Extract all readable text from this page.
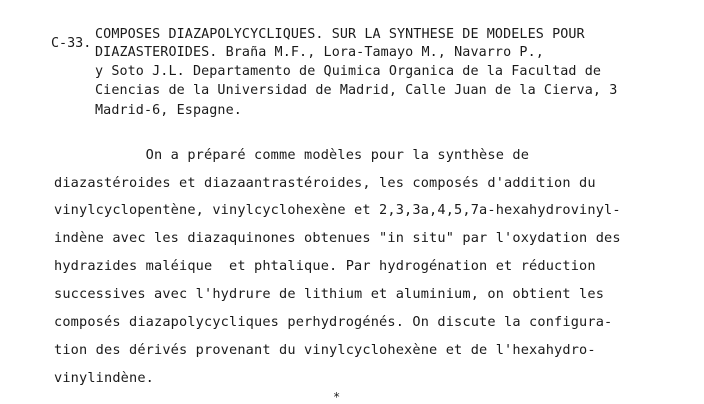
C-33.
COMPOSES DIAZAPOLYCYCLIQUES. SUR LA SYNTHESE DE MODELES POUR
DIAZASTEROIDES. Braña M.F., Lora-Tamayo M., Navarro P.,
y Soto J.L. Departamento de Quimica Organica de la Facultad de
Ciencias de la Universidad de Madrid, Calle Juan de la Cierva, 3
Madrid-6, Espagne.
On a préparé comme modèles pour la synthèse de
diazastéroides et diazaantrastéroides, les composés d'addition du
vinylcyclopentène, vinylcyclohexène et 2,3,3a,4,5,7a-hexahydrovinyl-
indène avec les diazaquinones obtenues "in situ" par l'oxydation des
hydrazides maléique  et phtalique. Par hydrogénation et réduction
successives avec l'hydrure de lithium et aluminium, on obtient les
composés diazapolycycliques perhydrogénés. On discute la configura-
tion des dérivés provenant du vinylcyclohexène et de l'hexahydro-
vinylindène.
*
